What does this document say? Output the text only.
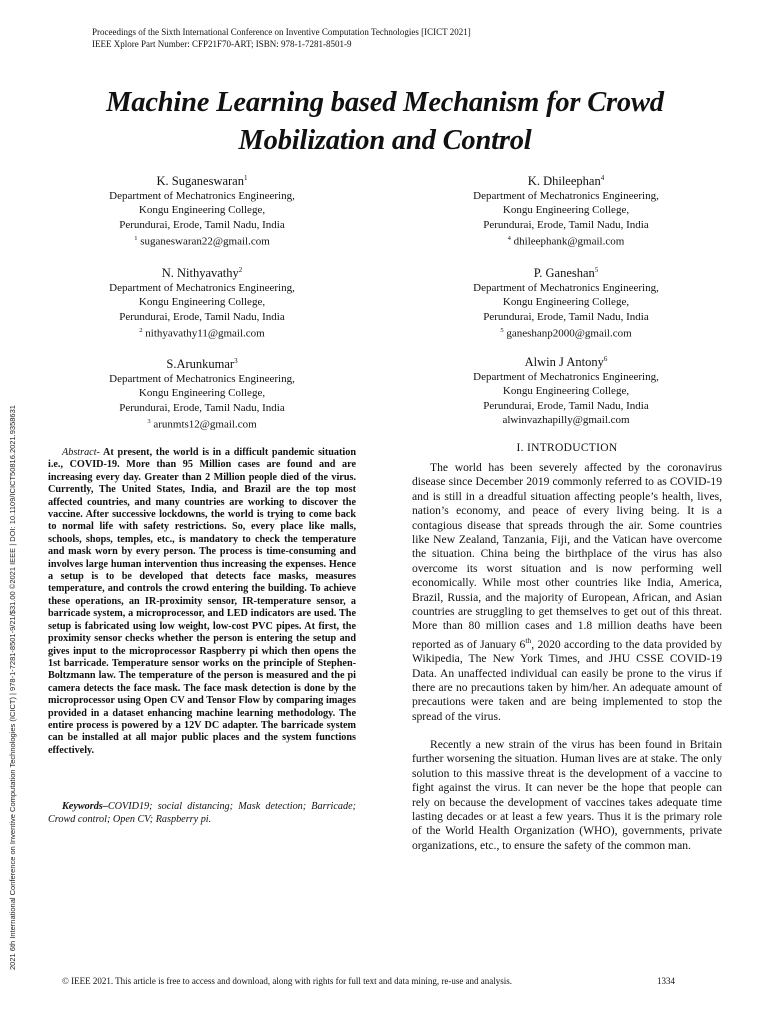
Proceedings of the Sixth International Conference on Inventive Computation Technologies [ICICT 2021]
IEEE Xplore Part Number: CFP21F70-ART; ISBN: 978-1-7281-8501-9
2021 6th International Conference on Inventive Computation Technologies (ICICT) | 978-1-7281-8501-9/21/$31.00 ©2021 IEEE | DOI: 10.1109/ICICT50816.2021.9358631
Machine Learning based Mechanism for Crowd
Mobilization and Control
K. Suganeswaran$^1$
Department of Mechatronics Engineering,
Kongu Engineering College,
Perundurai, Erode, Tamil Nadu, India
$^1$ suganeswaran22@gmail.com
N. Nithyavathy$^2$
Department of Mechatronics Engineering,
Kongu Engineering College,
Perundurai, Erode, Tamil Nadu, India
$^2$ nithyavathy11@gmail.com
S.Arunkumar$^3$
Department of Mechatronics Engineering,
Kongu Engineering College,
Perundurai, Erode, Tamil Nadu, India
$^3$ arunmts12@gmail.com
K. Dhileephan$^4$
Department of Mechatronics Engineering,
Kongu Engineering College,
Perundurai, Erode, Tamil Nadu, India
$^4$ dhileephank@gmail.com
P. Ganeshan$^5$
Department of Mechatronics Engineering,
Kongu Engineering College,
Perundurai, Erode, Tamil Nadu, India
$^5$ ganeshanp2000@gmail.com
Alwin J Antony$^6$
Department of Mechatronics Engineering,
Kongu Engineering College,
Perundurai, Erode, Tamil Nadu, India
alwinvazhapilly@gmail.com
Abstract- At present, the world is in a difficult pandemic situation i.e., COVID-19. More than 95 Million cases are found and are increasing every day. Greater than 2 Million people died of the virus. Currently, The United States, India, and Brazil are the top most affected countries, and many countries are working to discover the vaccine. After successive lockdowns, the world is trying to come back to normal life with safety restrictions. So, every place like malls, schools, shops, temples, etc., is mandatory to check the temperature and mask worn by every person. The process is time-consuming and involves large human intervention thus increasing the expenses. Hence a setup is to be developed that detects face masks, measures temperature, and controls the crowd entering the building. To achieve these operations, an IR-proximity sensor, IR-temperature sensor, a barricade system, a microprocessor, and LED indicators are used. The setup is fabricated using low weight, low-cost PVC pipes. At first, the proximity sensor checks whether the person is entering the setup and gives input to the microprocessor Raspberry pi which then opens the 1st barricade. Temperature sensor works on the principle of Stephen-Boltzmann law. The temperature of the person is measured and the pi camera detects the face mask. The face mask detection is done by the microprocessor using Open CV and Tensor Flow by comparing images provided in a dataset enhancing machine learning methodology. The entire process is powered by a 12V DC adapter. The barricade system can be installed at all major public places and the system functions effectively.
Keywords–COVID19; social distancing; Mask detection; Barricade; Crowd control; Open CV; Raspberry pi.
I. INTRODUCTION
The world has been severely affected by the coronavirus disease since December 2019 commonly referred to as COVID-19 and is still in a dreadful situation affecting people’s health, lives, nation’s economy, and peace of every living being. It is a contagious disease that spreads through the air. Some countries like New Zealand, Tanzania, Fiji, and the Vatican have overcome the situation. China being the birthplace of the virus has also overcome its worst situation and is now performing well economically. While most other countries like India, America, Brazil, Russia, and the majority of European, African, and Asian countries are struggling to get themselves to get out of this threat. More than 80 million cases and 1.8 million deaths have been reported as of January 6th, 2020 according to the data provided by Wikipedia, The New York Times, and JHU CSSE COVID-19 Data. An unaffected individual can easily be prone to the virus if there are no precautions taken by him/her. An adequate amount of precautions were taken and are being implemented to stop the spread of the virus.
Recently a new strain of the virus has been found in Britain further worsening the situation. Human lives are at stake. The only solution to this massive threat is the development of a vaccine to fight against the virus. It can never be the hope that people can rely on because the development of vaccines takes adequate time lasting decades or at least a few years. Thus it is the primary role of the World Health Organization (WHO), governments, private organizations, etc., to ensure the safety of the common man.
© IEEE 2021. This article is free to access and download, along with rights for full text and data mining, re-use and analysis.	1334
